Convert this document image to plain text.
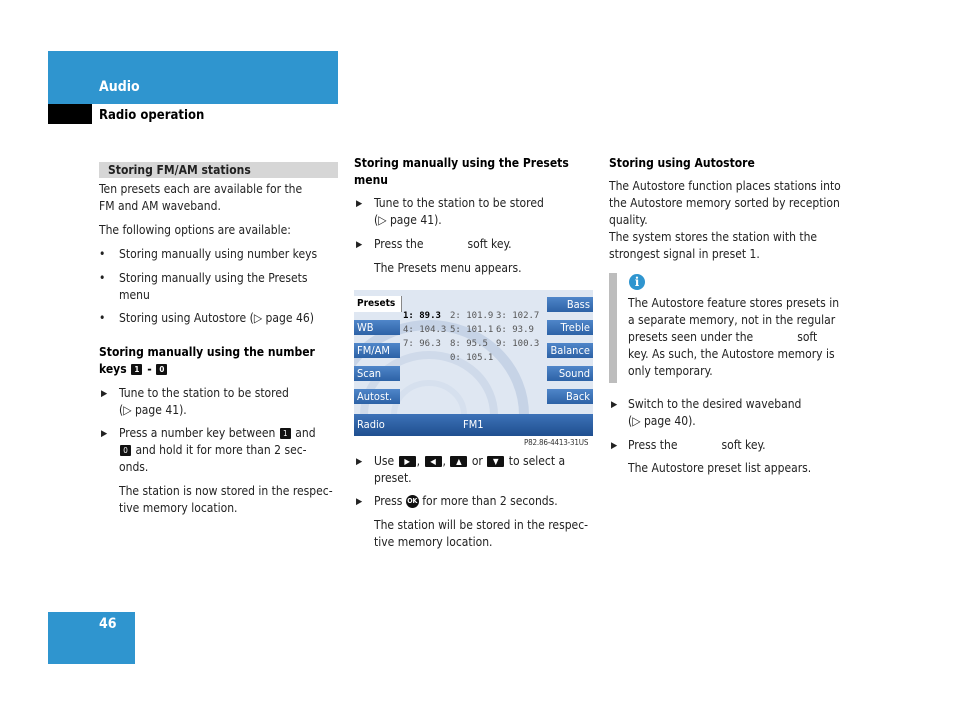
Audio
Radio operation
Storing FM/AM stations
Ten presets each are available for the
FM and AM waveband.
The following options are available:
• Storing manually using number keys
• Storing manually using the Presets
menu
• Storing using Autostore (▷ page 46)
Storing manually using the number
keys 1 - 0
▶ Tune to the station to be stored
(▷ page 41).
▶ Press a number key between 1 and
0 and hold it for more than 2 sec-
onds.
The station is now stored in the respec-
tive memory location.
Storing manually using the Presets
menu
▶ Tune to the station to be stored
(▷ page 41).
▶ Press the	soft key.
The Presets menu appears.
Presets
WB
FM/AM
Scan
Autost.
Bass
Treble
Balance
Sound
Back
1: 89.3 2: 101.9 3: 102.7
4: 104.3 5: 101.1 6: 93.9
7: 96.3 8: 95.5 9: 100.3
0: 105.1
Radio	FM1
P82.86-4413-31US
▶ Use ▶ , ◀ , ▲ or ▼ to select a
preset.
▶ Press OK for more than 2 seconds.
The station will be stored in the respec-
tive memory location.
Storing using Autostore
The Autostore function places stations into
the Autostore memory sorted by reception
quality.
The system stores the station with the
strongest signal in preset 1.
i
The Autostore feature stores presets in
a separate memory, not in the regular
presets seen under the	soft
key. As such, the Autostore memory is
only temporary.
▶ Switch to the desired waveband
(▷ page 40).
▶ Press the	soft key.
The Autostore preset list appears.
46
